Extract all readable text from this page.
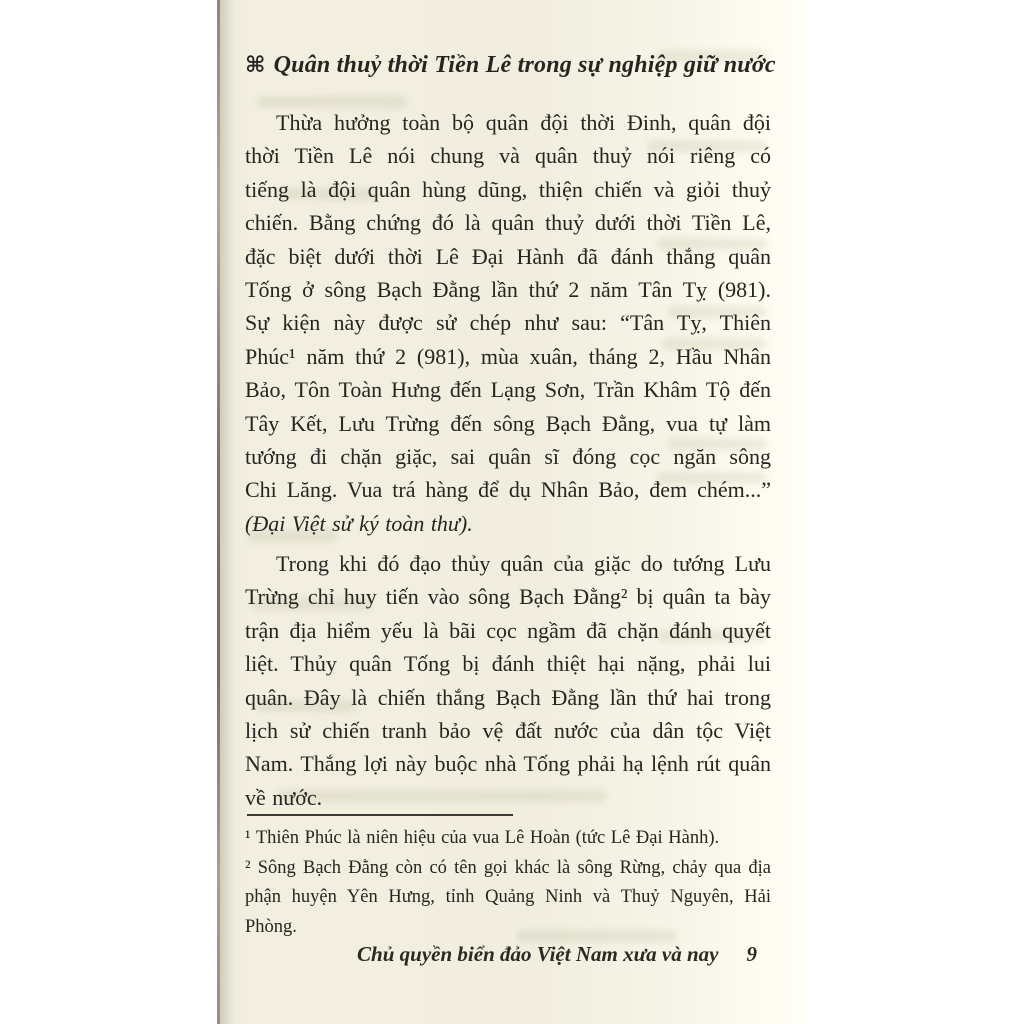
⌘ Quân thuỷ thời Tiền Lê trong sự nghiệp giữ nước
Thừa hưởng toàn bộ quân đội thời Đinh, quân đội
thời Tiền Lê nói chung và quân thuỷ nói riêng có
tiếng là đội quân hùng dũng, thiện chiến và giỏi thuỷ
chiến. Bằng chứng đó là quân thuỷ dưới thời Tiền Lê,
đặc biệt dưới thời Lê Đại Hành đã đánh thắng quân
Tống ở sông Bạch Đằng lần thứ 2 năm Tân Tỵ (981).
Sự kiện này được sử chép như sau: “Tân Tỵ, Thiên
Phúc¹ năm thứ 2 (981), mùa xuân, tháng 2, Hầu Nhân
Bảo, Tôn Toàn Hưng đến Lạng Sơn, Trần Khâm Tộ đến
Tây Kết, Lưu Trừng đến sông Bạch Đằng, vua tự làm
tướng đi chặn giặc, sai quân sĩ đóng cọc ngăn sông
Chi Lăng. Vua trá hàng để dụ Nhân Bảo, đem chém...”
(Đại Việt sử ký toàn thư).
Trong khi đó đạo thủy quân của giặc do tướng Lưu
Trừng chỉ huy tiến vào sông Bạch Đằng² bị quân ta bày
trận địa hiểm yếu là bãi cọc ngầm đã chặn đánh quyết
liệt. Thủy quân Tống bị đánh thiệt hại nặng, phải lui
quân. Đây là chiến thắng Bạch Đằng lần thứ hai trong
lịch sử chiến tranh bảo vệ đất nước của dân tộc Việt
Nam. Thắng lợi này buộc nhà Tống phải hạ lệnh rút quân
về nước.
¹ Thiên Phúc là niên hiệu của vua Lê Hoàn (tức Lê Đại Hành).
² Sông Bạch Đằng còn có tên gọi khác là sông Rừng, chảy qua địa
phận huyện Yên Hưng, tỉnh Quảng Ninh và Thuỷ Nguyên, Hải Phòng.
Chủ quyền biển đảo Việt Nam xưa và nay 9
